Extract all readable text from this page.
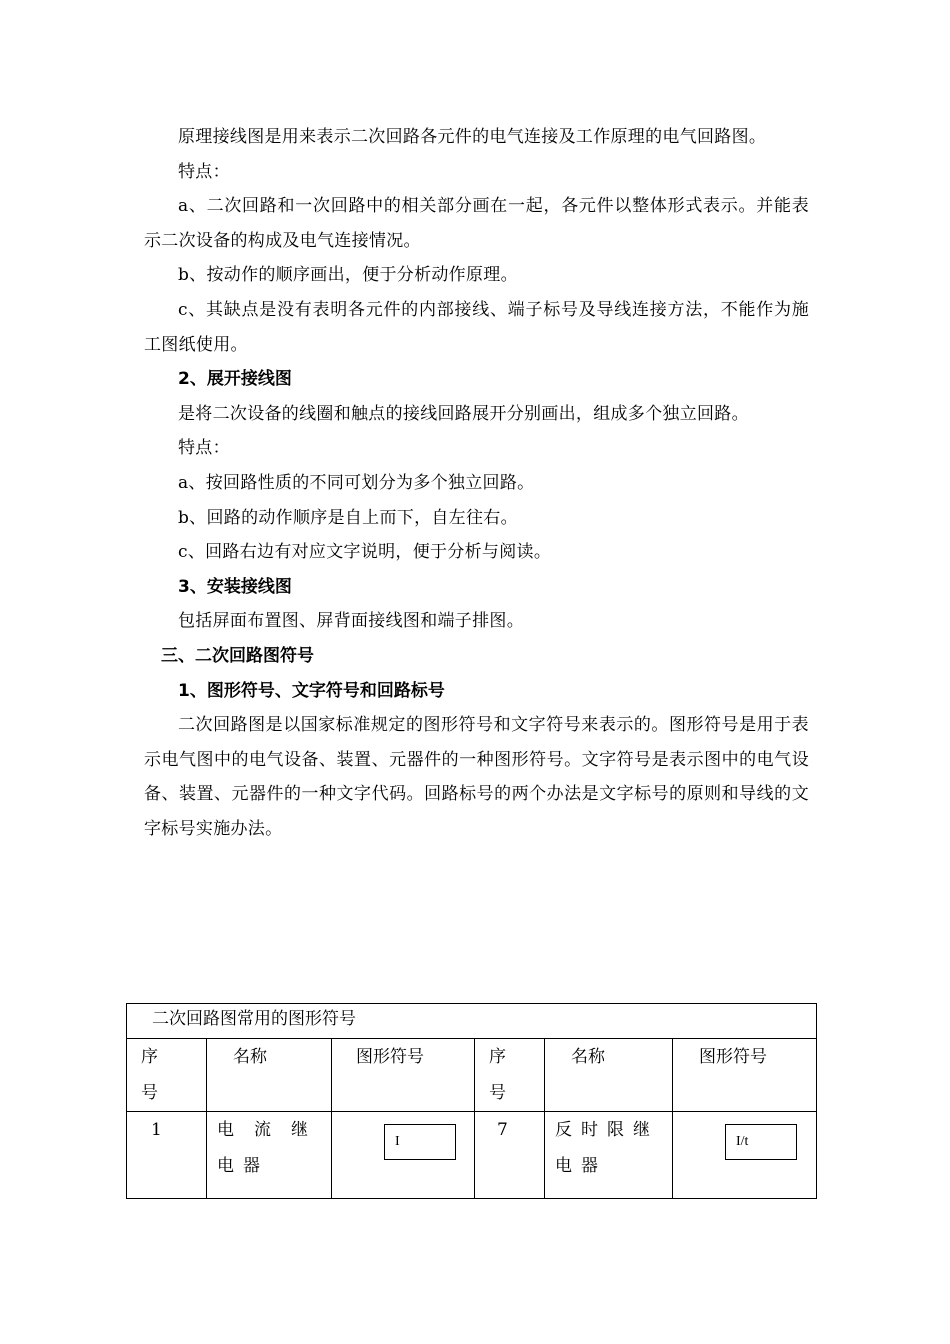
原理接线图是用来表示二次回路各元件的电气连接及工作原理的电气回路图。

特点：

a、二次回路和一次回路中的相关部分画在一起，各元件以整体形式表示。并能表示二次设备的构成及电气连接情况。

b、按动作的顺序画出，便于分析动作原理。

c、其缺点是没有表明各元件的内部接线、端子标号及导线连接方法，不能作为施工图纸使用。

2、展开接线图

是将二次设备的线圈和触点的接线回路展开分别画出，组成多个独立回路。

特点：

a、按回路性质的不同可划分为多个独立回路。

b、回路的动作顺序是自上而下，自左往右。

c、回路右边有对应文字说明，便于分析与阅读。

3、安装接线图

包括屏面布置图、屏背面接线图和端子排图。

三、二次回路图符号

1、图形符号、文字符号和回路标号

二次回路图是以国家标准规定的图形符号和文字符号来表示的。图形符号是用于表示电气图中的电气设备、装置、元器件的一种图形符号。文字符号是表示图中的电气设备、装置、元器件的一种文字代码。回路标号的两个办法是文字标号的原则和导线的文字标号实施办法。

二次回路图常用的图形符号					

序号	名称	图形符号	序号	名称	图形符号

1	电流继电器	I	7	反时限继电器	I/t
